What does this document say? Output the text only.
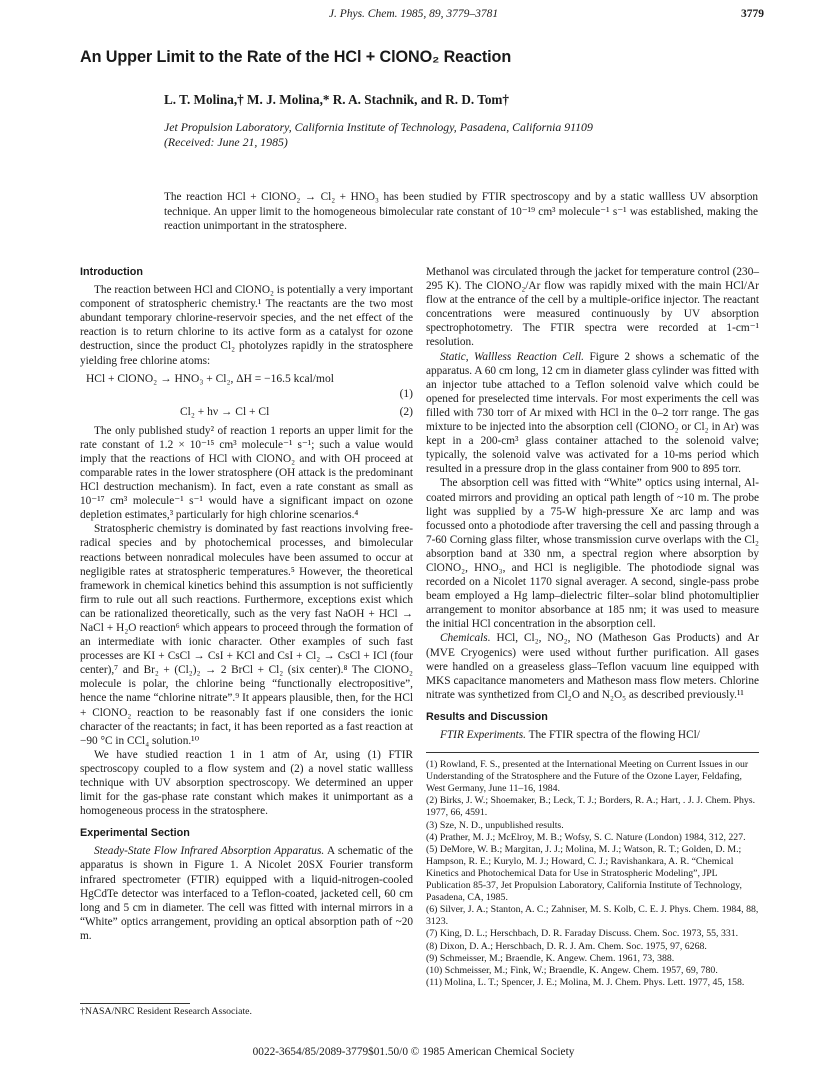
J. Phys. Chem. 1985, 89, 3779–3781	3779
An Upper Limit to the Rate of the HCl + ClONO₂ Reaction
L. T. Molina,† M. J. Molina,* R. A. Stachnik, and R. D. Tom†
Jet Propulsion Laboratory, California Institute of Technology, Pasadena, California 91109
(Received: June 21, 1985)
The reaction HCl + ClONO₂ → Cl₂ + HNO₃ has been studied by FTIR spectroscopy and by a static wallless UV absorption technique. An upper limit to the homogeneous bimolecular rate constant of 10⁻¹⁹ cm³ molecule⁻¹ s⁻¹ was established, making the reaction unimportant in the stratosphere.
Introduction

The reaction between HCl and ClONO₂ is potentially a very important component of stratospheric chemistry.¹ The reactants are the two most abundant temporary chlorine-reservoir species, and the net effect of the reaction is to return chlorine to its active form as a catalyst for ozone destruction, since the product Cl₂ photolyzes rapidly in the stratosphere yielding free chlorine atoms:

HCl + ClONO₂ → HNO₃ + Cl₂, ΔH = −16.5 kcal/mol
(1)
Cl₂ + hν → Cl + Cl	(2)

The only published study² of reaction 1 reports an upper limit for the rate constant of 1.2 × 10⁻¹⁵ cm³ molecule⁻¹ s⁻¹; such a value would imply that the reactions of HCl with ClONO₂ and with OH proceed at comparable rates in the lower stratosphere (OH attack is the predominant HCl destruction mechanism). In fact, even a rate constant as small as 10⁻¹⁷ cm³ molecule⁻¹ s⁻¹ would have a significant impact on ozone depletion estimates,³ particularly for high chlorine scenarios.⁴

Stratospheric chemistry is dominated by fast reactions involving free-radical species and by photochemical processes, and bimolecular reactions between nonradical molecules have been assumed to occur at negligible rates at stratospheric temperatures.⁵ However, the theoretical framework in chemical kinetics behind this assumption is not sufficiently firm to rule out all such reactions. Furthermore, exceptions exist which can be rationalized theoretically, such as the very fast NaOH + HCl → NaCl + H₂O reaction⁶ which appears to proceed through the formation of an intermediate with ionic character. Other examples of such fast processes are KI + CsCl → CsI + KCl and CsI + Cl₂ → CsCl + ICl (four center),⁷ and Br₂ + (Cl₂)₂ → 2 BrCl + Cl₂ (six center).⁸ The ClONO₂ molecule is polar, the chlorine being “functionally electropositive”, hence the name “chlorine nitrate”.⁹ It appears plausible, then, for the HCl + ClONO₂ reaction to be reasonably fast if one considers the ionic character of the reactants; in fact, it has been reported as a fast reaction at −90 °C in CCl₄ solution.¹⁰

We have studied reaction 1 in 1 atm of Ar, using (1) FTIR spectroscopy coupled to a flow system and (2) a novel static wallless technique with UV absorption spectroscopy. We determined an upper limit for the gas-phase rate constant which makes it unimportant as a homogeneous process in the stratosphere.

Experimental Section

Steady-State Flow Infrared Absorption Apparatus. A schematic of the apparatus is shown in Figure 1. A Nicolet 20SX Fourier transform infrared spectrometer (FTIR) equipped with a liquid-nitrogen-cooled HgCdTe detector was interfaced to a Teflon-coated, jacketed cell, 60 cm long and 5 cm in diameter. The cell was fitted with internal mirrors in a “White” optics arrangement, providing an optical absorption path of ~20 m.

†NASA/NRC Resident Research Associate.

Methanol was circulated through the jacket for temperature control (230–295 K). The ClONO₂/Ar flow was rapidly mixed with the main HCl/Ar flow at the entrance of the cell by a multiple-orifice injector. The reactant concentrations were measured continuously by UV absorption spectrophotometry. The FTIR spectra were recorded at 1-cm⁻¹ resolution.

Static, Wallless Reaction Cell. Figure 2 shows a schematic of the apparatus. A 60 cm long, 12 cm in diameter glass cylinder was fitted with an injector tube attached to a Teflon solenoid valve which could be opened for preselected time intervals. For most experiments the cell was filled with 730 torr of Ar mixed with HCl in the 0–2 torr range. The gas mixture to be injected into the absorption cell (ClONO₂ or Cl₂ in Ar) was kept in a 200-cm³ glass container attached to the solenoid valve; typically, the solenoid valve was activated for a 10-ms period which resulted in a pressure drop in the glass container from 900 to 895 torr.

The absorption cell was fitted with “White” optics using internal, Al-coated mirrors and providing an optical path length of ~10 m. The probe light was supplied by a 75-W high-pressure Xe arc lamp and was focussed onto a photodiode after traversing the cell and passing through a 7-60 Corning glass filter, whose transmission curve overlaps with the Cl₂ absorption band at 330 nm, a spectral region where absorption by ClONO₂, HNO₃, and HCl is negligible. The photodiode signal was recorded on a Nicolet 1170 signal averager. A second, single-pass probe beam employed a Hg lamp–dielectric filter–solar blind photomultiplier arrangement to monitor absorbance at 185 nm; it was used to measure the initial HCl concentration in the absorption cell.

Chemicals. HCl, Cl₂, NO₂, NO (Matheson Gas Products) and Ar (MVE Cryogenics) were used without further purification. All gases were handled on a greaseless glass–Teflon vacuum line equipped with MKS capacitance manometers and Matheson mass flow meters. Chlorine nitrate was synthetized from Cl₂O and N₂O₅ as described previously.¹¹

Results and Discussion

FTIR Experiments. The FTIR spectra of the flowing HCl/

(1) Rowland, F. S., presented at the International Meeting on Current Issues in our Understanding of the Stratosphere and the Future of the Ozone Layer, Feldafing, West Germany, June 11–16, 1984.
(2) Birks, J. W.; Shoemaker, B.; Leck, T. J.; Borders, R. A.; Hart, . J. J. Chem. Phys. 1977, 66, 4591.
(3) Sze, N. D., unpublished results.
(4) Prather, M. J.; McElroy, M. B.; Wofsy, S. C. Nature (London) 1984, 312, 227.
(5) DeMore, W. B.; Margitan, J. J.; Molina, M. J.; Watson, R. T.; Golden, D. M.; Hampson, R. E.; Kurylo, M. J.; Howard, C. J.; Ravishankara, A. R. “Chemical Kinetics and Photochemical Data for Use in Stratospheric Modeling”, JPL Publication 85-37, Jet Propulsion Laboratory, California Institute of Technology, Pasadena, CA, 1985.
(6) Silver, J. A.; Stanton, A. C.; Zahniser, M. S. Kolb, C. E. J. Phys. Chem. 1984, 88, 3123.
(7) King, D. L.; Herschbach, D. R. Faraday Discuss. Chem. Soc. 1973, 55, 331.
(8) Dixon, D. A.; Herschbach, D. R. J. Am. Chem. Soc. 1975, 97, 6268.
(9) Schmeisser, M.; Braendle, K. Angew. Chem. 1961, 73, 388.
(10) Schmeisser, M.; Fink, W.; Braendle, K. Angew. Chem. 1957, 69, 780.
(11) Molina, L. T.; Spencer, J. E.; Molina, M. J. Chem. Phys. Lett. 1977, 45, 158.
0022-3654/85/2089-3779$01.50/0 © 1985 American Chemical Society
